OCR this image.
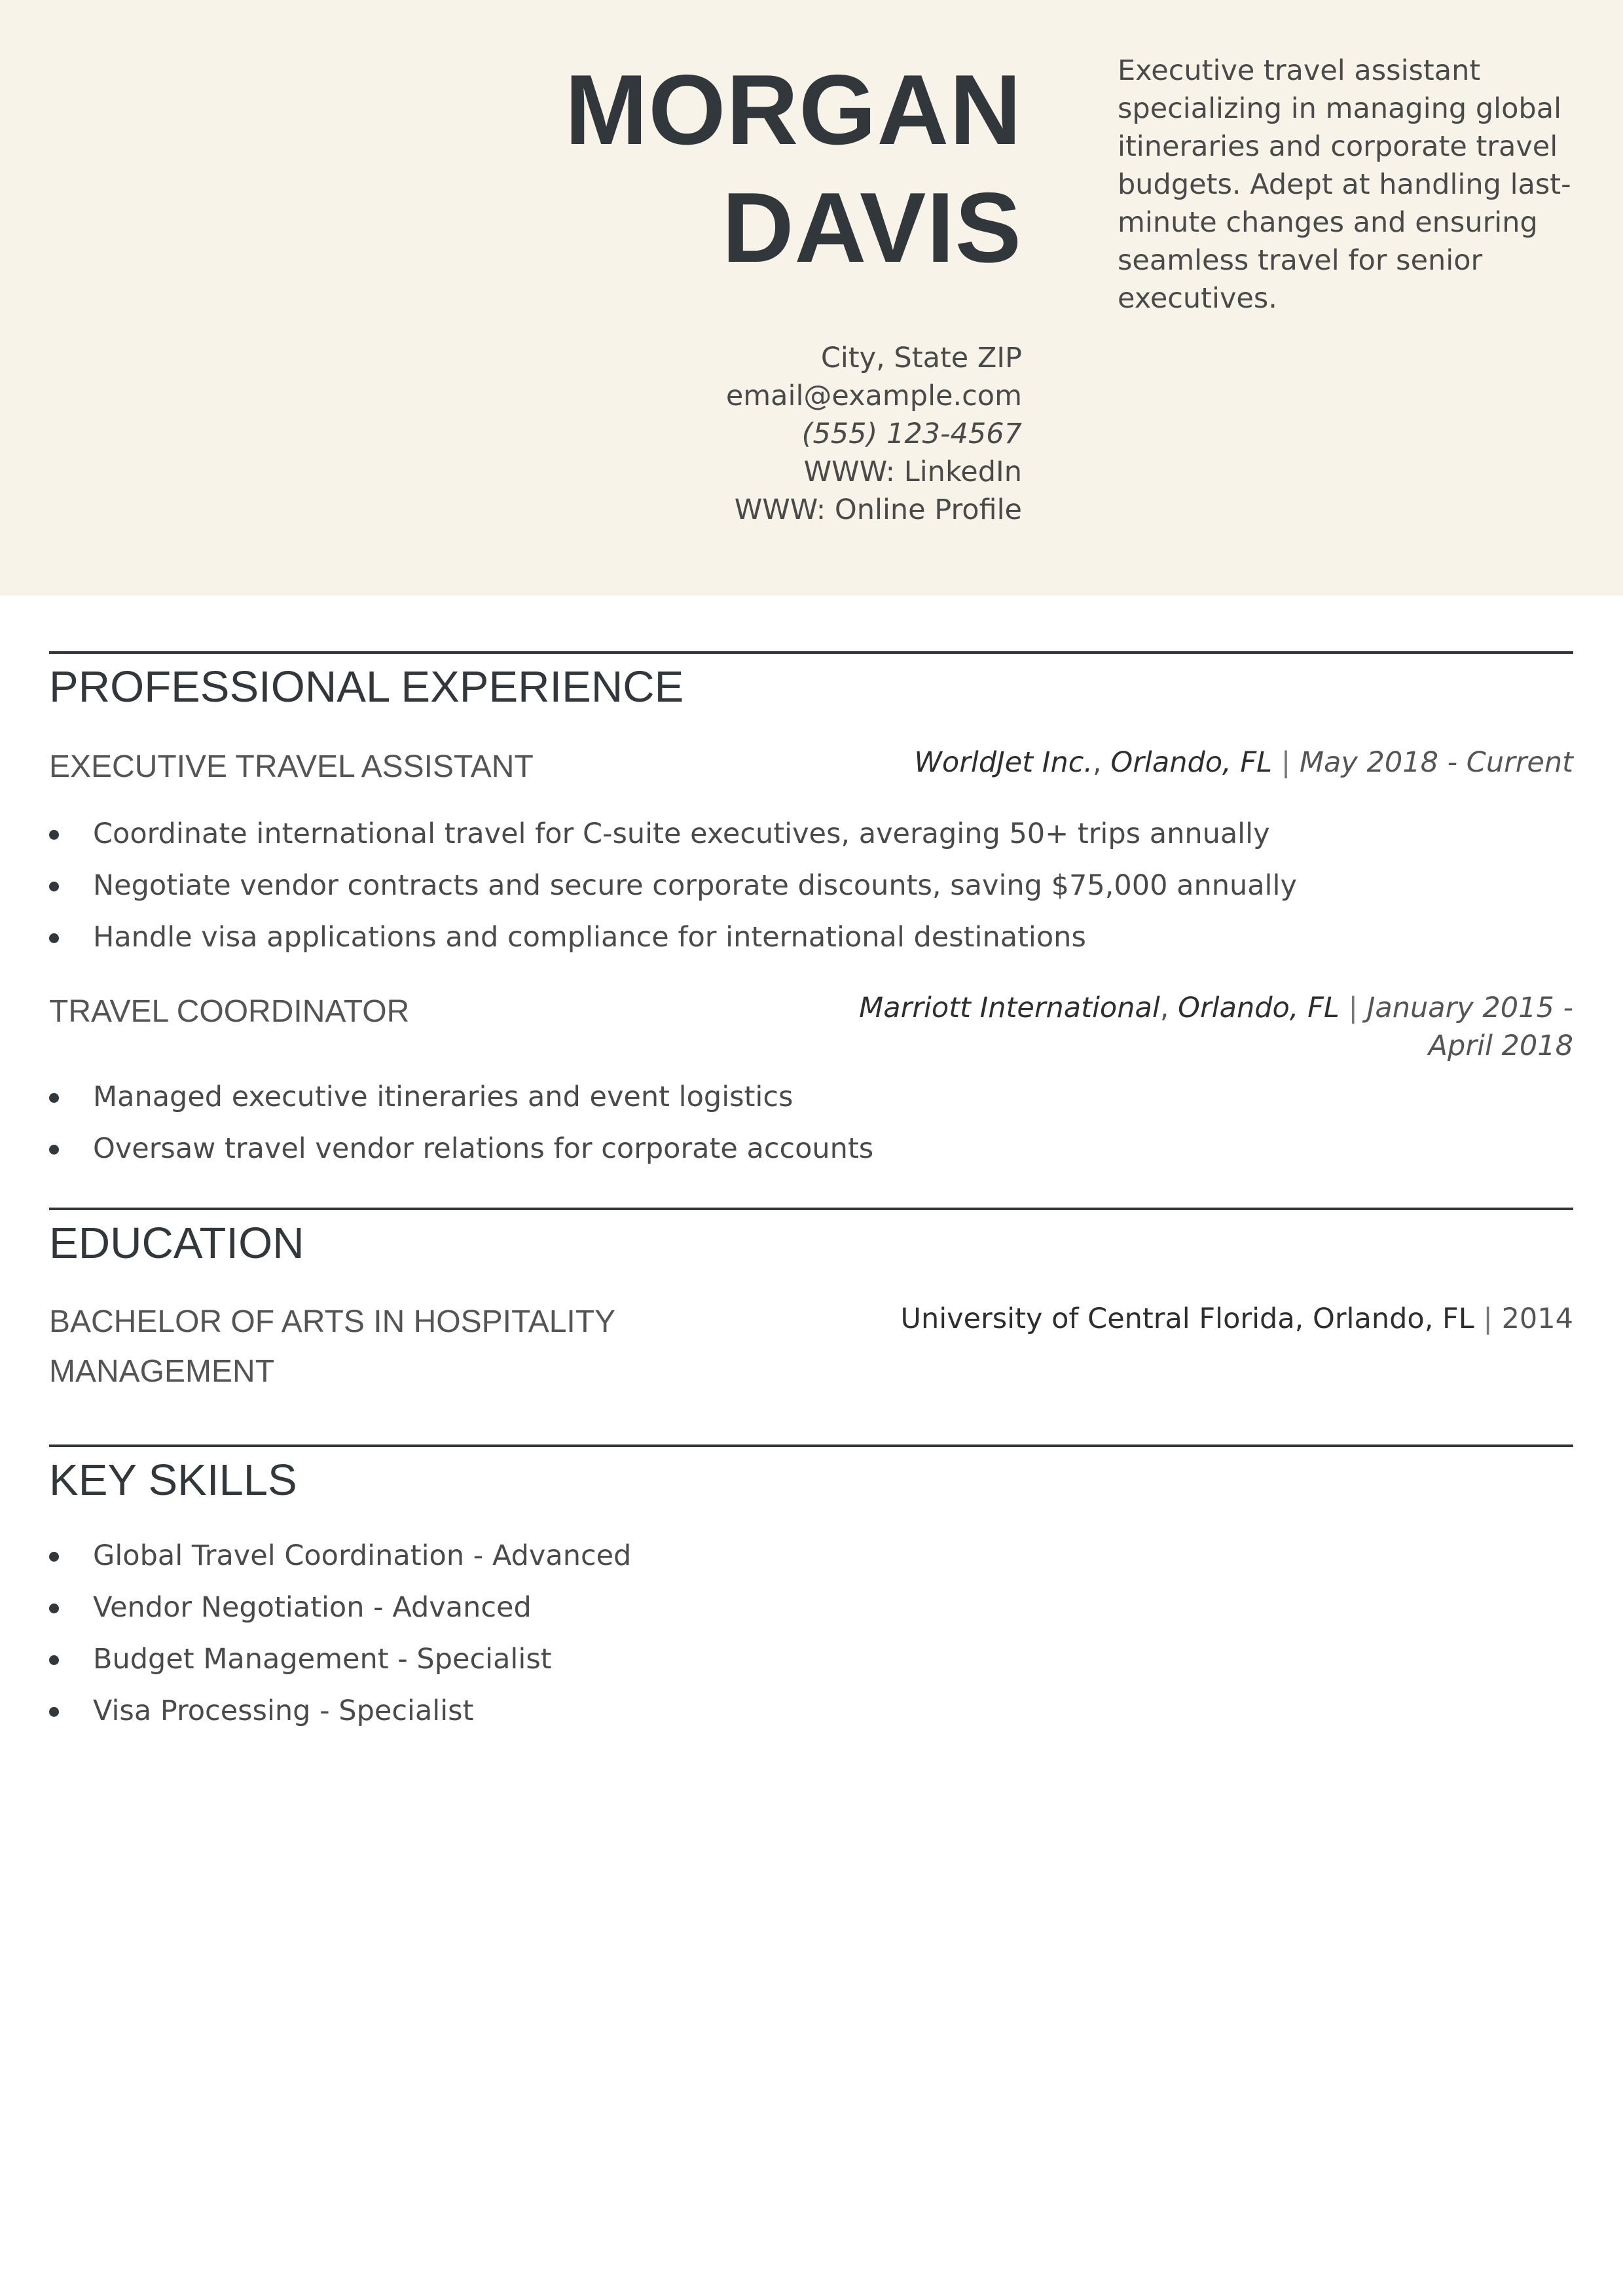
MORGAN
DAVIS
City, State ZIP
email@example.com
(555) 123-4567
WWW: LinkedIn
WWW: Online Profile
Executive travel assistant specializing in managing global itineraries and corporate travel budgets. Adept at handling last-minute changes and ensuring seamless travel for senior executives.
PROFESSIONAL EXPERIENCE
EXECUTIVE TRAVEL ASSISTANT	WorldJet Inc., Orlando, FL | May 2018 - Current
Coordinate international travel for C-suite executives, averaging 50+ trips annually
Negotiate vendor contracts and secure corporate discounts, saving $75,000 annually
Handle visa applications and compliance for international destinations
TRAVEL COORDINATOR	Marriott International, Orlando, FL | January 2015 -
April 2018
Managed executive itineraries and event logistics
Oversaw travel vendor relations for corporate accounts
EDUCATION
BACHELOR OF ARTS IN HOSPITALITY
MANAGEMENT
University of Central Florida, Orlando, FL | 2014
KEY SKILLS
Global Travel Coordination - Advanced
Vendor Negotiation - Advanced
Budget Management - Specialist
Visa Processing - Specialist
